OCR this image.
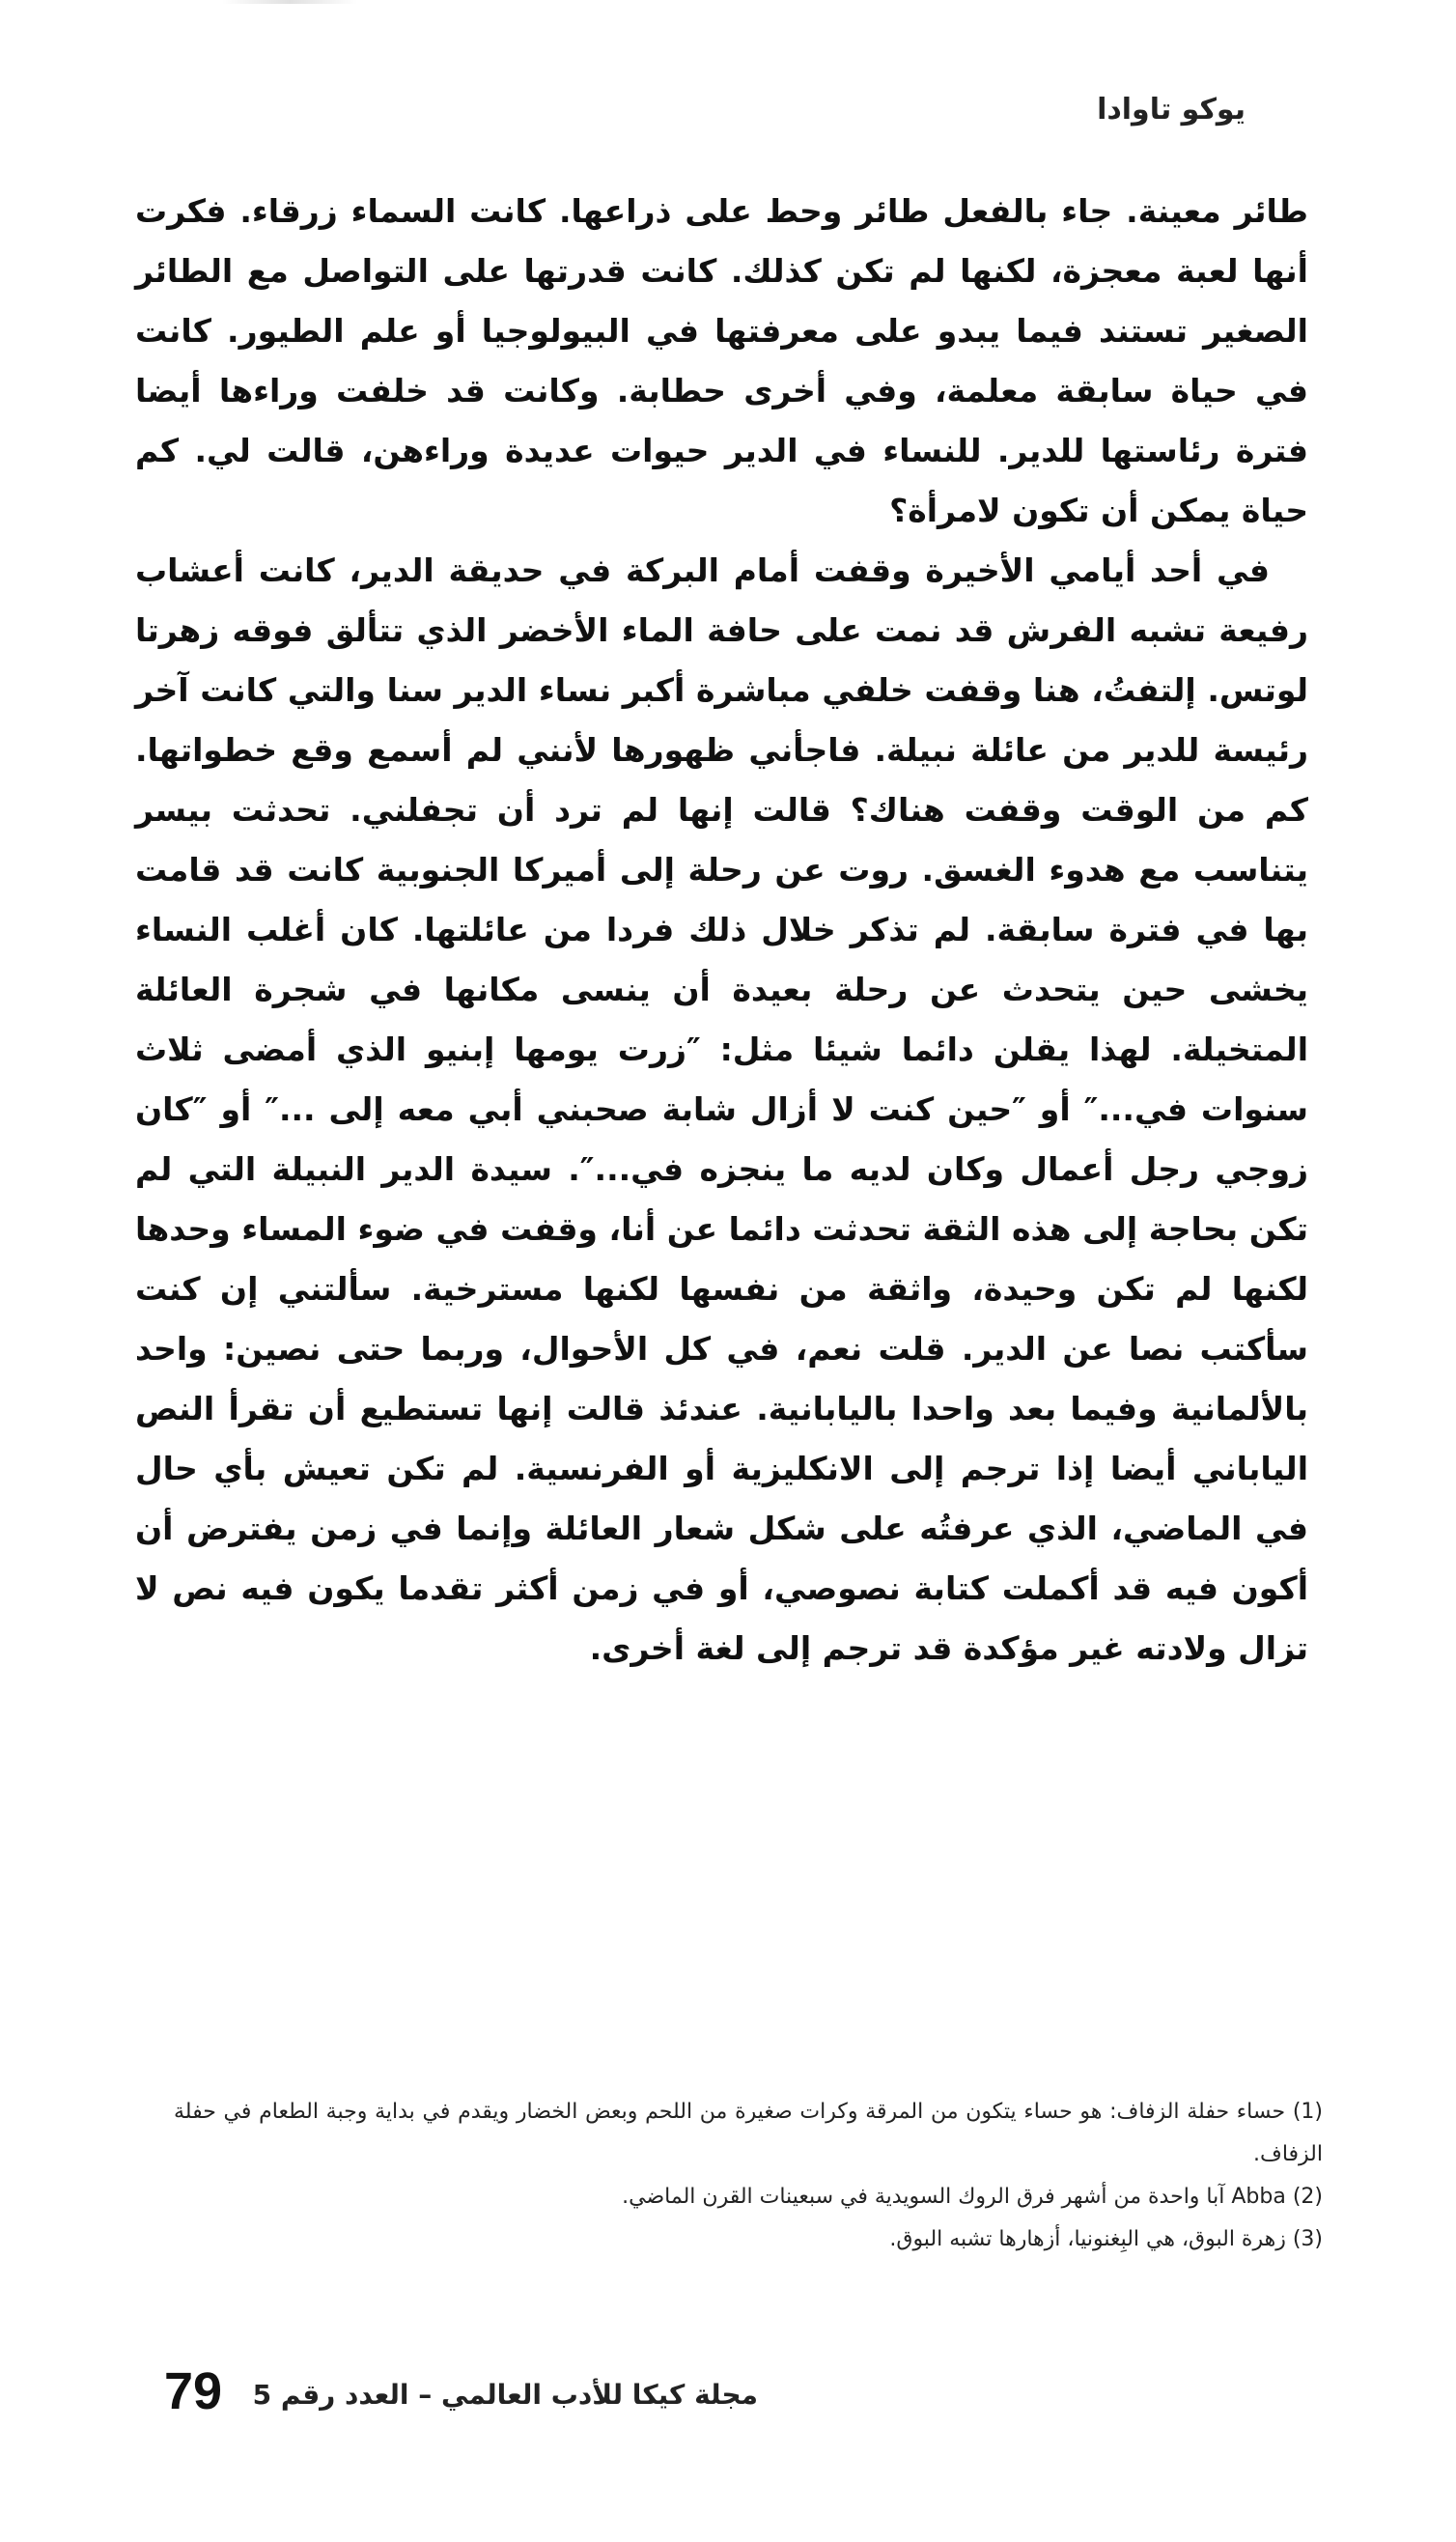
يوكو تاوادا

طائر معينة. جاء بالفعل طائر وحط على ذراعها. كانت السماء زرقاء. فكرت أنها لعبة معجزة، لكنها لم تكن كذلك. كانت قدرتها على التواصل مع الطائر الصغير تستند فيما يبدو على معرفتها في البيولوجيا أو علم الطيور. كانت في حياة سابقة معلمة، وفي أخرى حطابة. وكانت قد خلفت وراءها أيضا فترة رئاستها للدير. للنساء في الدير حيوات عديدة وراءهن، قالت لي. كم حياة يمكن أن تكون لامرأة؟

في أحد أيامي الأخيرة وقفت أمام البركة في حديقة الدير، كانت أعشاب رفيعة تشبه الفرش قد نمت على حافة الماء الأخضر الذي تتألق فوقه زهرتا لوتس. إلتفتُ، هنا وقفت خلفي مباشرة أكبر نساء الدير سنا والتي كانت آخر رئيسة للدير من عائلة نبيلة. فاجأني ظهورها لأنني لم أسمع وقع خطواتها. كم من الوقت وقفت هناك؟ قالت إنها لم ترد أن تجفلني. تحدثت بيسر يتناسب مع هدوء الغسق. روت عن رحلة إلى أميركا الجنوبية كانت قد قامت بها في فترة سابقة. لم تذكر خلال ذلك فردا من عائلتها. كان أغلب النساء يخشى حين يتحدث عن رحلة بعيدة أن ينسى مكانها في شجرة العائلة المتخيلة. لهذا يقلن دائما شيئا مثل: ″زرت يومها إبنيو الذي أمضى ثلاث سنوات في...″ أو ″حين كنت لا أزال شابة صحبني أبي معه إلى ...″ أو ″كان زوجي رجل أعمال وكان لديه ما ينجزه في...″. سيدة الدير النبيلة التي لم تكن بحاجة إلى هذه الثقة تحدثت دائما عن أنا، وقفت في ضوء المساء وحدها لكنها لم تكن وحيدة، واثقة من نفسها لكنها مسترخية. سألتني إن كنت سأكتب نصا عن الدير. قلت نعم، في كل الأحوال، وربما حتى نصين: واحد بالألمانية وفيما بعد واحدا باليابانية. عندئذ قالت إنها تستطيع أن تقرأ النص الياباني أيضا إذا ترجم إلى الانكليزية أو الفرنسية. لم تكن تعيش بأي حال في الماضي، الذي عرفتُه على شكل شعار العائلة وإنما في زمن يفترض أن أكون فيه قد أكملت كتابة نصوصي، أو في زمن أكثر تقدما يكون فيه نص لا تزال ولادته غير مؤكدة قد ترجم إلى لغة أخرى.

(1) حساء حفلة الزفاف: هو حساء يتكون من المرقة وكرات صغيرة من اللحم وبعض الخضار ويقدم في بداية وجبة الطعام في حفلة الزفاف.

(2) Abba آبا واحدة من أشهر فرق الروك السويدية في سبعينات القرن الماضي.

(3) زهرة البوق، هي البِغنونيا، أزهارها تشبه البوق.

مجلة كيكا للأدب العالمي – العدد رقم 5
79
